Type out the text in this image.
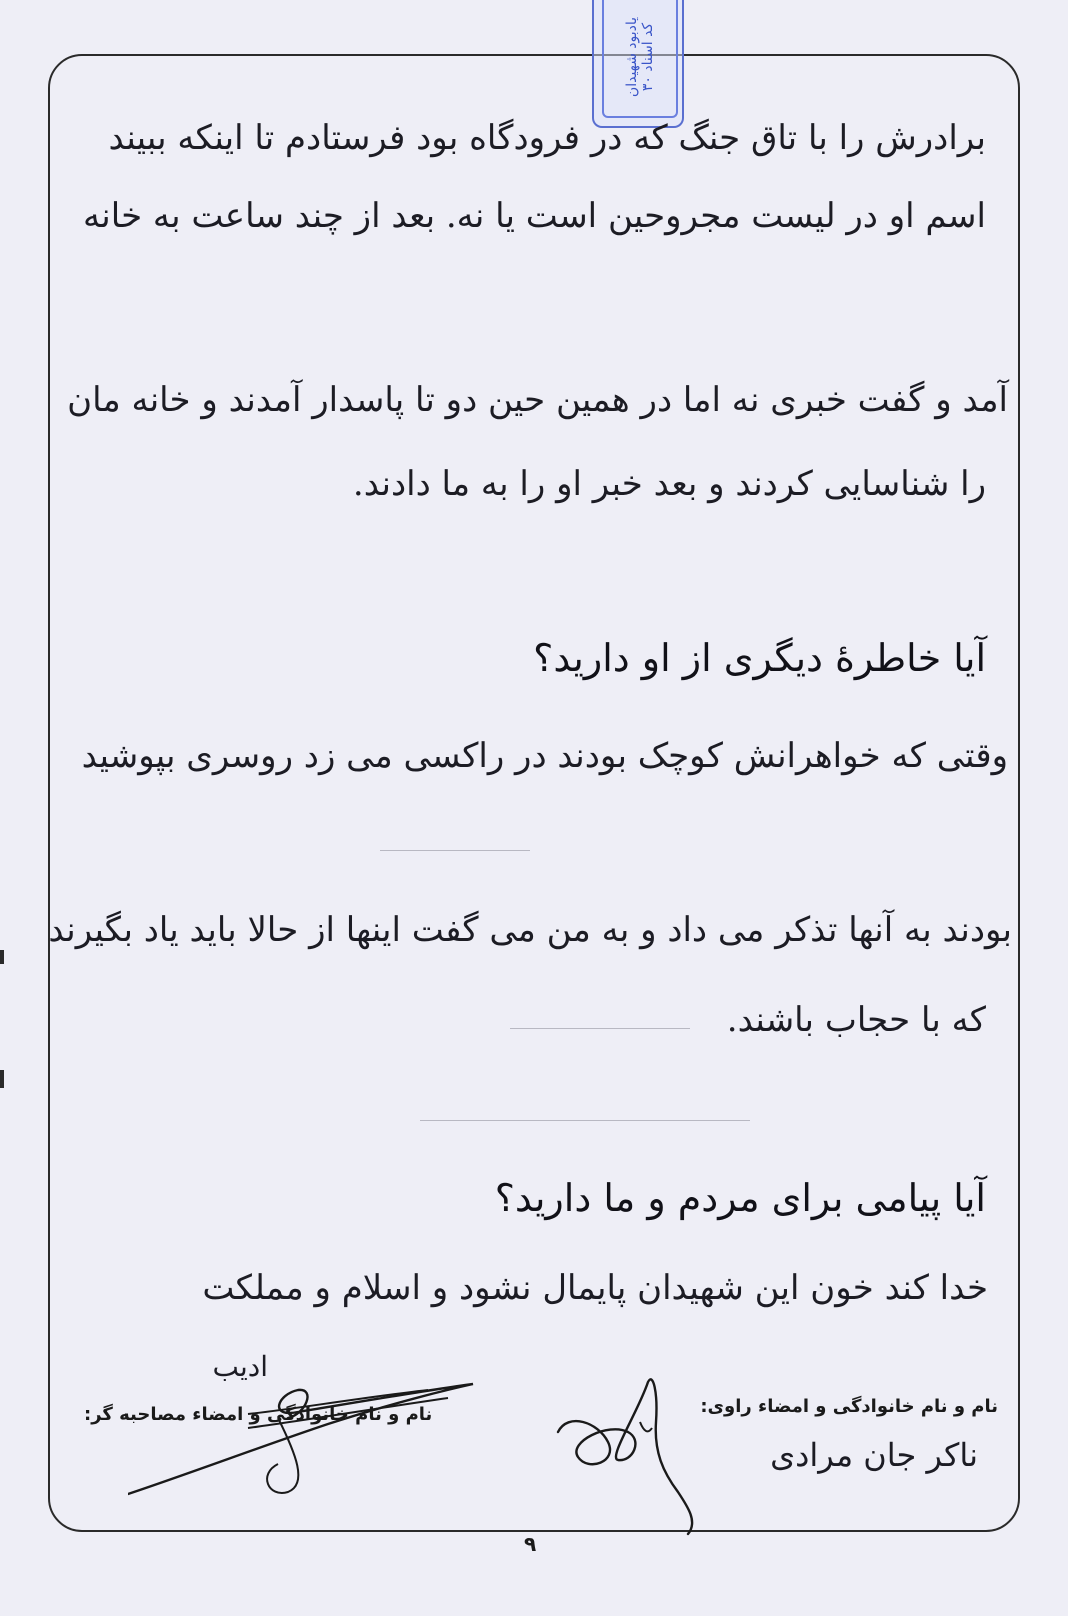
یادبود شهیدان کد اسناد ۳۰
برادرش را با تاق جنگ که در فرودگاه بود فرستادم تا اینکه ببیند
اسم او در لیست مجروحین است یا نه. بعد از چند ساعت به خانه
آمد و گفت خبری نه اما در همین حین دو تا پاسدار آمدند و خانه مان
را شناسایی کردند و بعد خبر او را به ما دادند.
آیا خاطرهٔ دیگری از او دارید؟
وقتی که خواهرانش کوچک بودند در راکسی می زد روسری بپوشید
بودند به آنها تذکر می داد و به من می گفت اینها از حالا باید یاد بگیرند
که با حجاب باشند.
آیا پیامی برای مردم و ما دارید؟
خدا کند خون این شهیدان پایمال نشود و اسلام و مملکت
ادیب
نام و نام خانوادگی و امضاء راوی:
ناکر جان مرادی
نام و نام خانوادگی و امضاء مصاحبه گر:
۹
